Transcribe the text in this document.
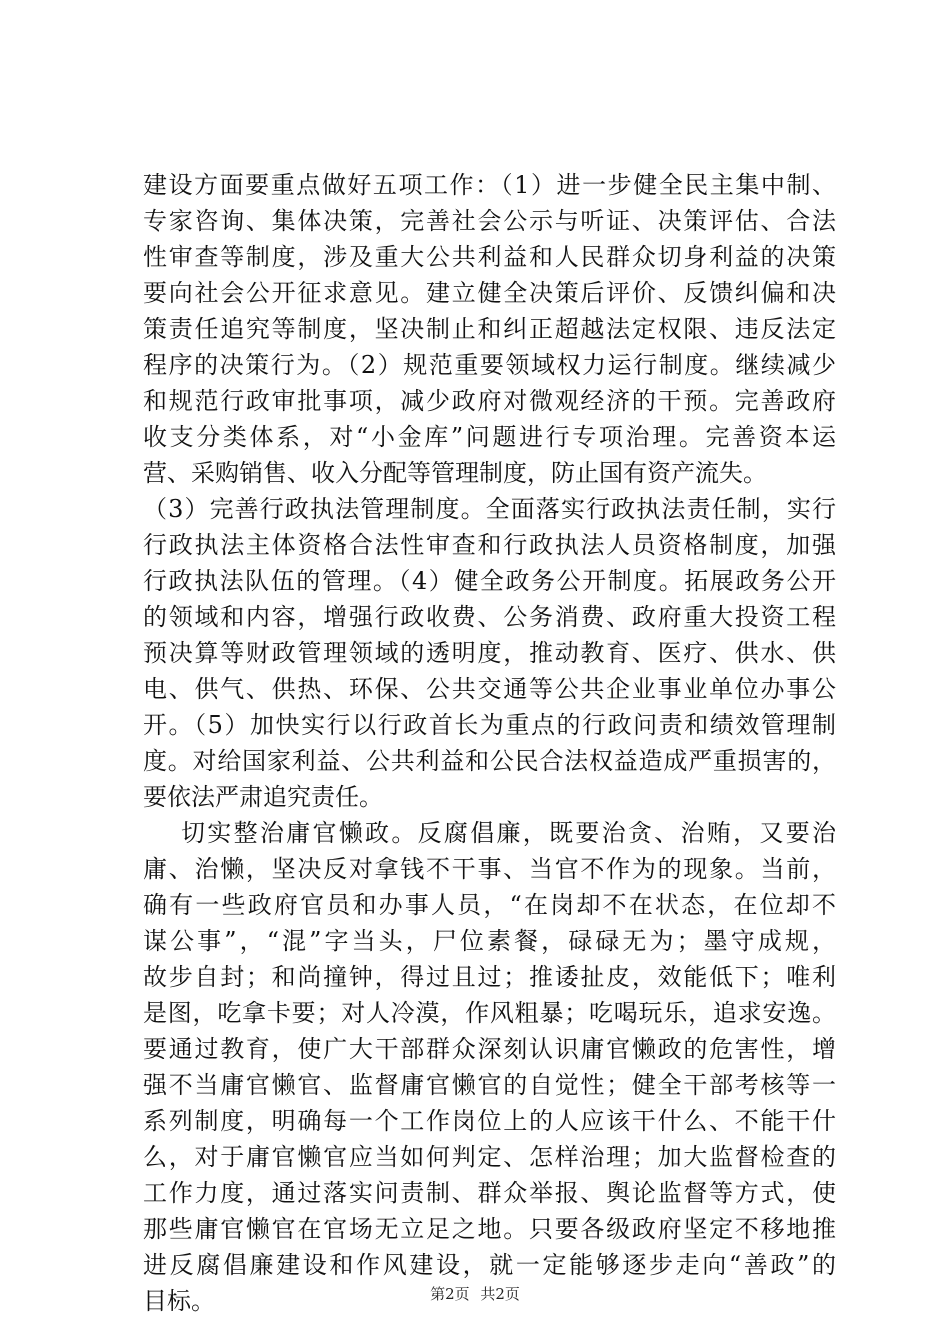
建设方面要重点做好五项工作：（1）进一步健全民主集中制、
专家咨询、集体决策，完善社会公示与听证、决策评估、合法
性审查等制度，涉及重大公共利益和人民群众切身利益的决策
要向社会公开征求意见。建立健全决策后评价、反馈纠偏和决
策责任追究等制度，坚决制止和纠正超越法定权限、违反法定
程序的决策行为。（2）规范重要领域权力运行制度。继续减少
和规范行政审批事项，减少政府对微观经济的干预。完善政府
收支分类体系，对“小金库”问题进行专项治理。完善资本运
营、采购销售、收入分配等管理制度，防止国有资产流失。
（3）完善行政执法管理制度。全面落实行政执法责任制，实行
行政执法主体资格合法性审查和行政执法人员资格制度，加强
行政执法队伍的管理。（4）健全政务公开制度。拓展政务公开
的领域和内容，增强行政收费、公务消费、政府重大投资工程
预决算等财政管理领域的透明度，推动教育、医疗、供水、供
电、供气、供热、环保、公共交通等公共企业事业单位办事公
开。（5）加快实行以行政首长为重点的行政问责和绩效管理制
度。对给国家利益、公共利益和公民合法权益造成严重损害的，
要依法严肃追究责任。
切实整治庸官懒政。反腐倡廉，既要治贪、治贿，又要治
庸、治懒，坚决反对拿钱不干事、当官不作为的现象。当前，
确有一些政府官员和办事人员，“在岗却不在状态，在位却不
谋公事”，“混”字当头，尸位素餐，碌碌无为；墨守成规，
故步自封；和尚撞钟，得过且过；推诿扯皮，效能低下；唯利
是图，吃拿卡要；对人冷漠，作风粗暴；吃喝玩乐，追求安逸。
要通过教育，使广大干部群众深刻认识庸官懒政的危害性，增
强不当庸官懒官、监督庸官懒官的自觉性；健全干部考核等一
系列制度，明确每一个工作岗位上的人应该干什么、不能干什
么，对于庸官懒官应当如何判定、怎样治理；加大监督检查的
工作力度，通过落实问责制、群众举报、舆论监督等方式，使
那些庸官懒官在官场无立足之地。只要各级政府坚定不移地推
进反腐倡廉建设和作风建设，就一定能够逐步走向“善政”的
目标。	第2页 共2页
